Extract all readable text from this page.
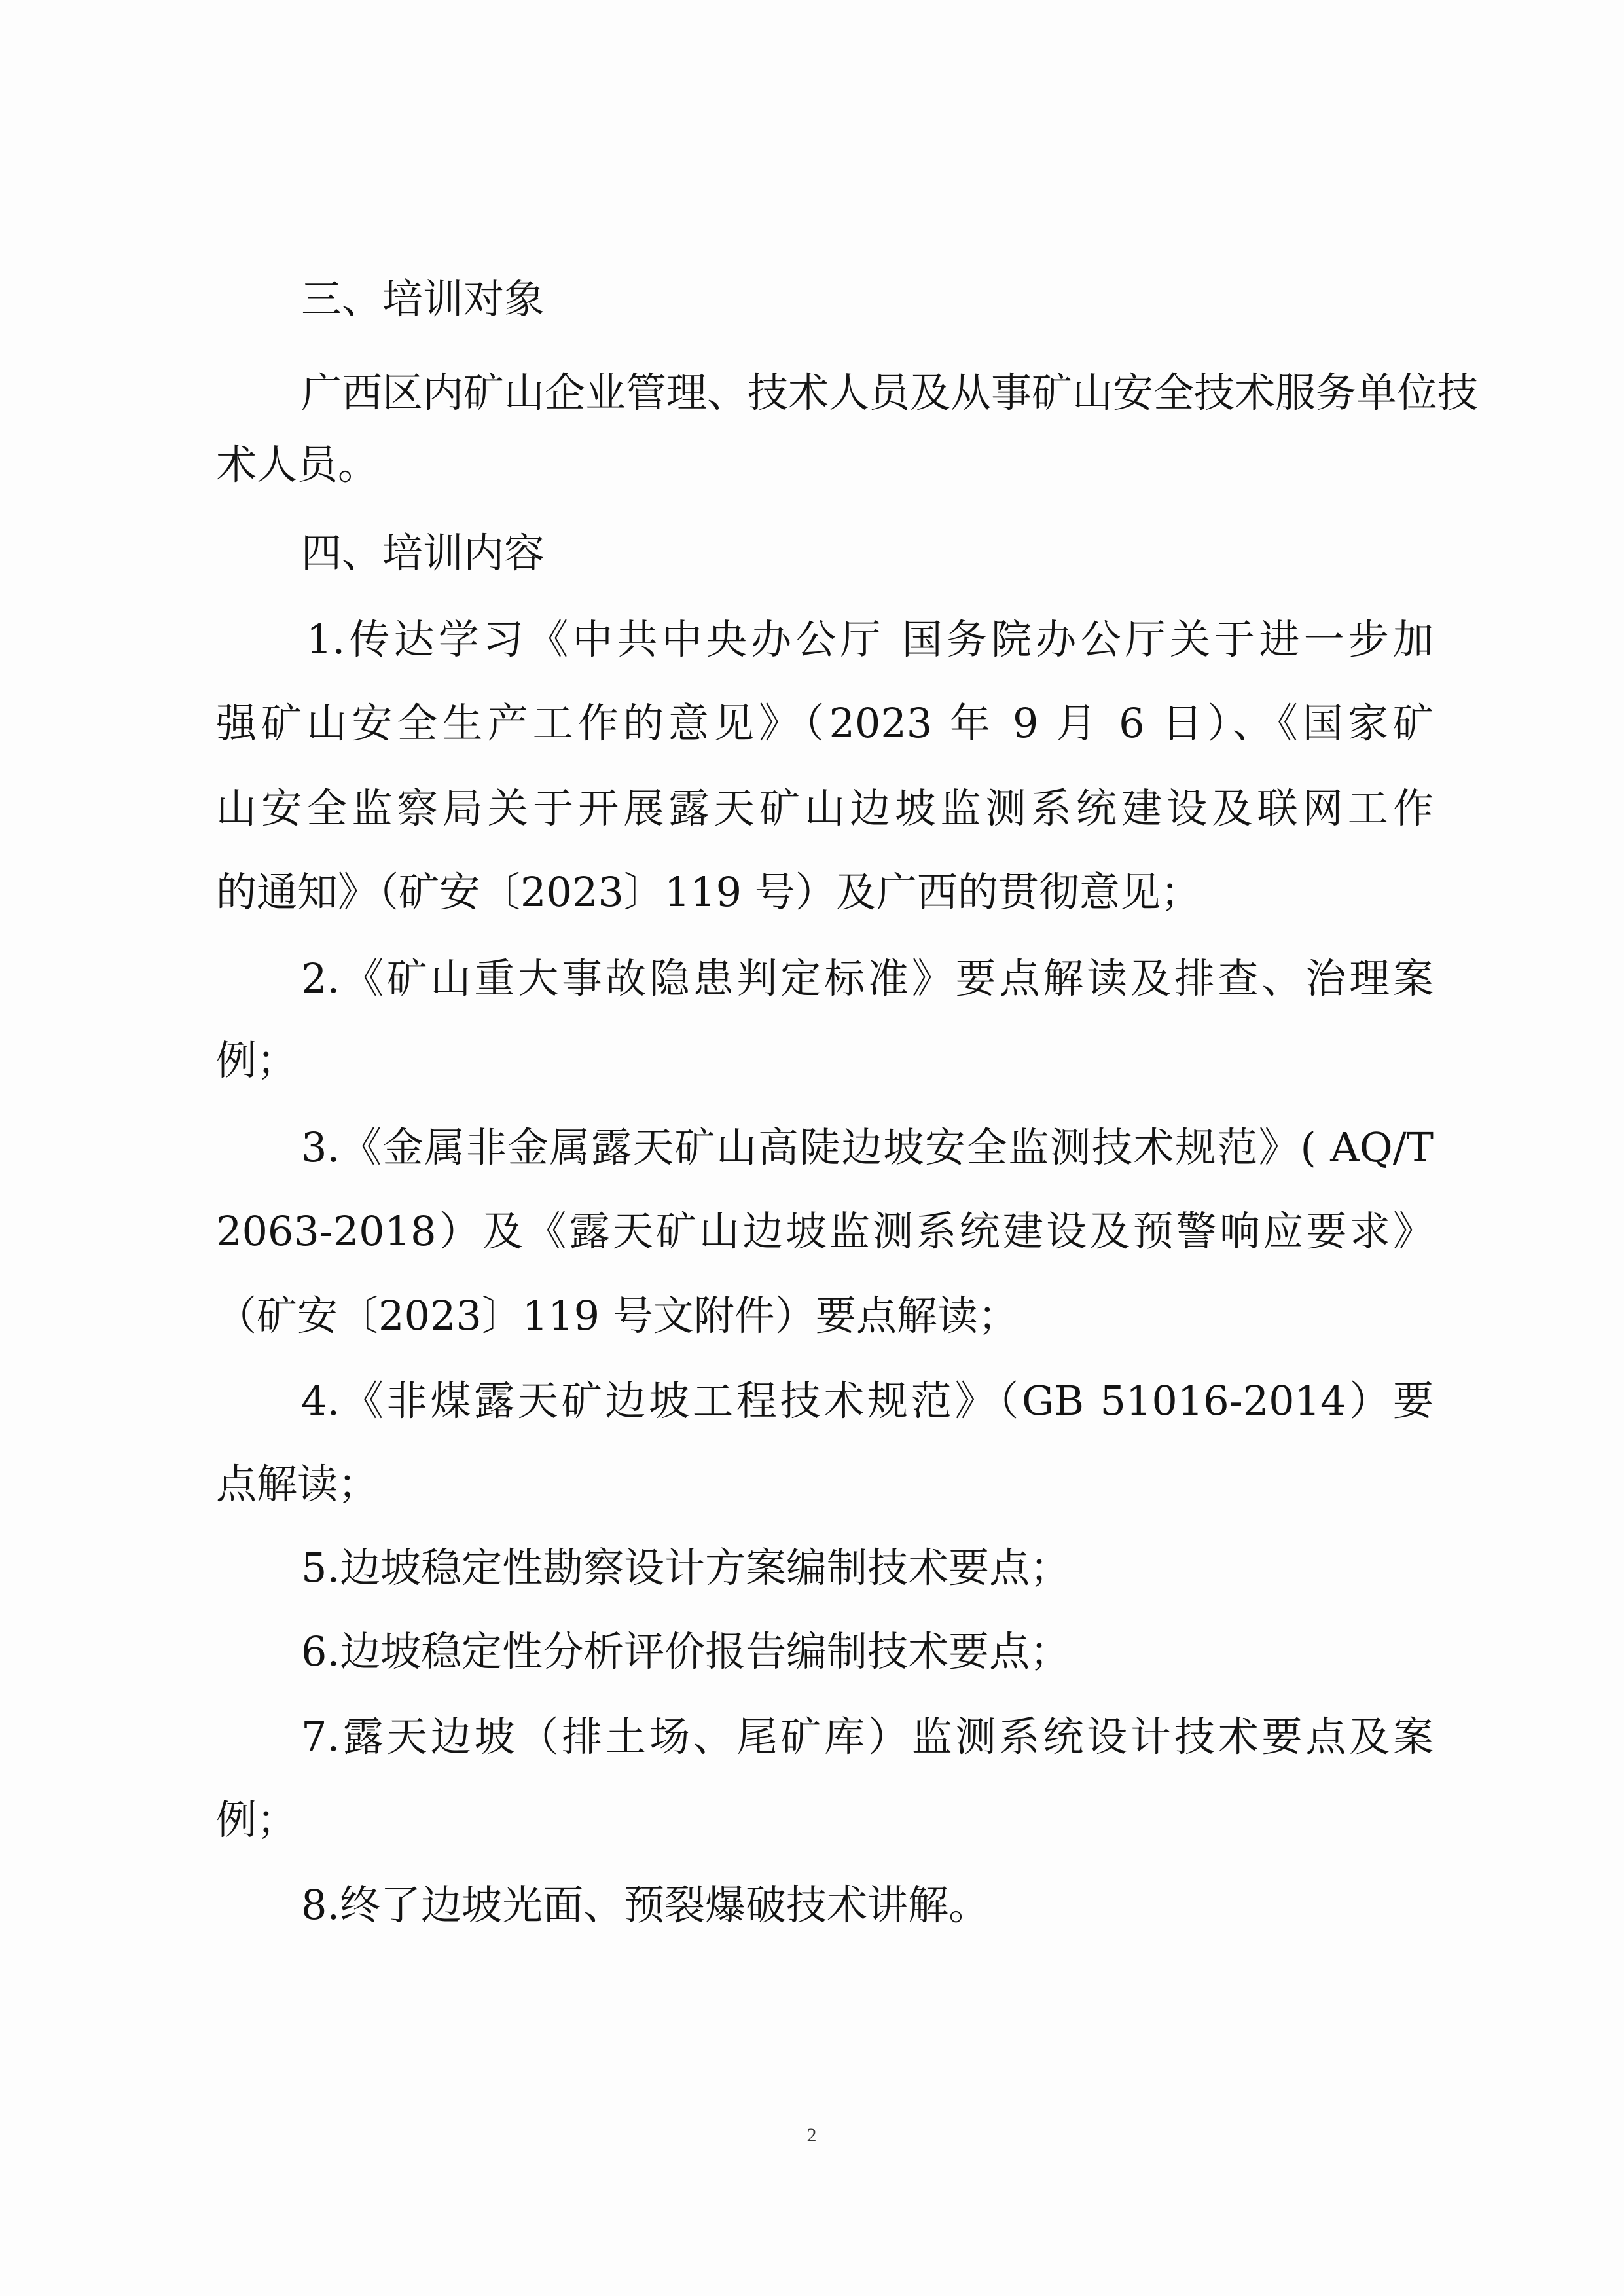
三、培训对象
广西区内矿山企业管理、技术人员及从事矿山安全技术服务单位技
术人员。
四、培训内容
1.传达学习《中共中央办公厅 国务院办公厅关于进一步加
强矿山安全生产工作的意见》（2023 年 9 月 6 日）、《国家矿
山安全监察局关于开展露天矿山边坡监测系统建设及联网工作
的通知》（矿安〔2023〕119 号）及广西的贯彻意见；
2.《矿山重大事故隐患判定标准》要点解读及排查、治理案
例；
3.《金属非金属露天矿山高陡边坡安全监测技术规范》( AQ/T
2063-2018）及《露天矿山边坡监测系统建设及预警响应要求》
（矿安〔2023〕119 号文附件）要点解读；
4.《非煤露天矿边坡工程技术规范》（GB 51016-2014）要
点解读；
5.边坡稳定性勘察设计方案编制技术要点；
6.边坡稳定性分析评价报告编制技术要点；
7.露天边坡（排土场、尾矿库）监测系统设计技术要点及案
例；
8.终了边坡光面、预裂爆破技术讲解。
2
